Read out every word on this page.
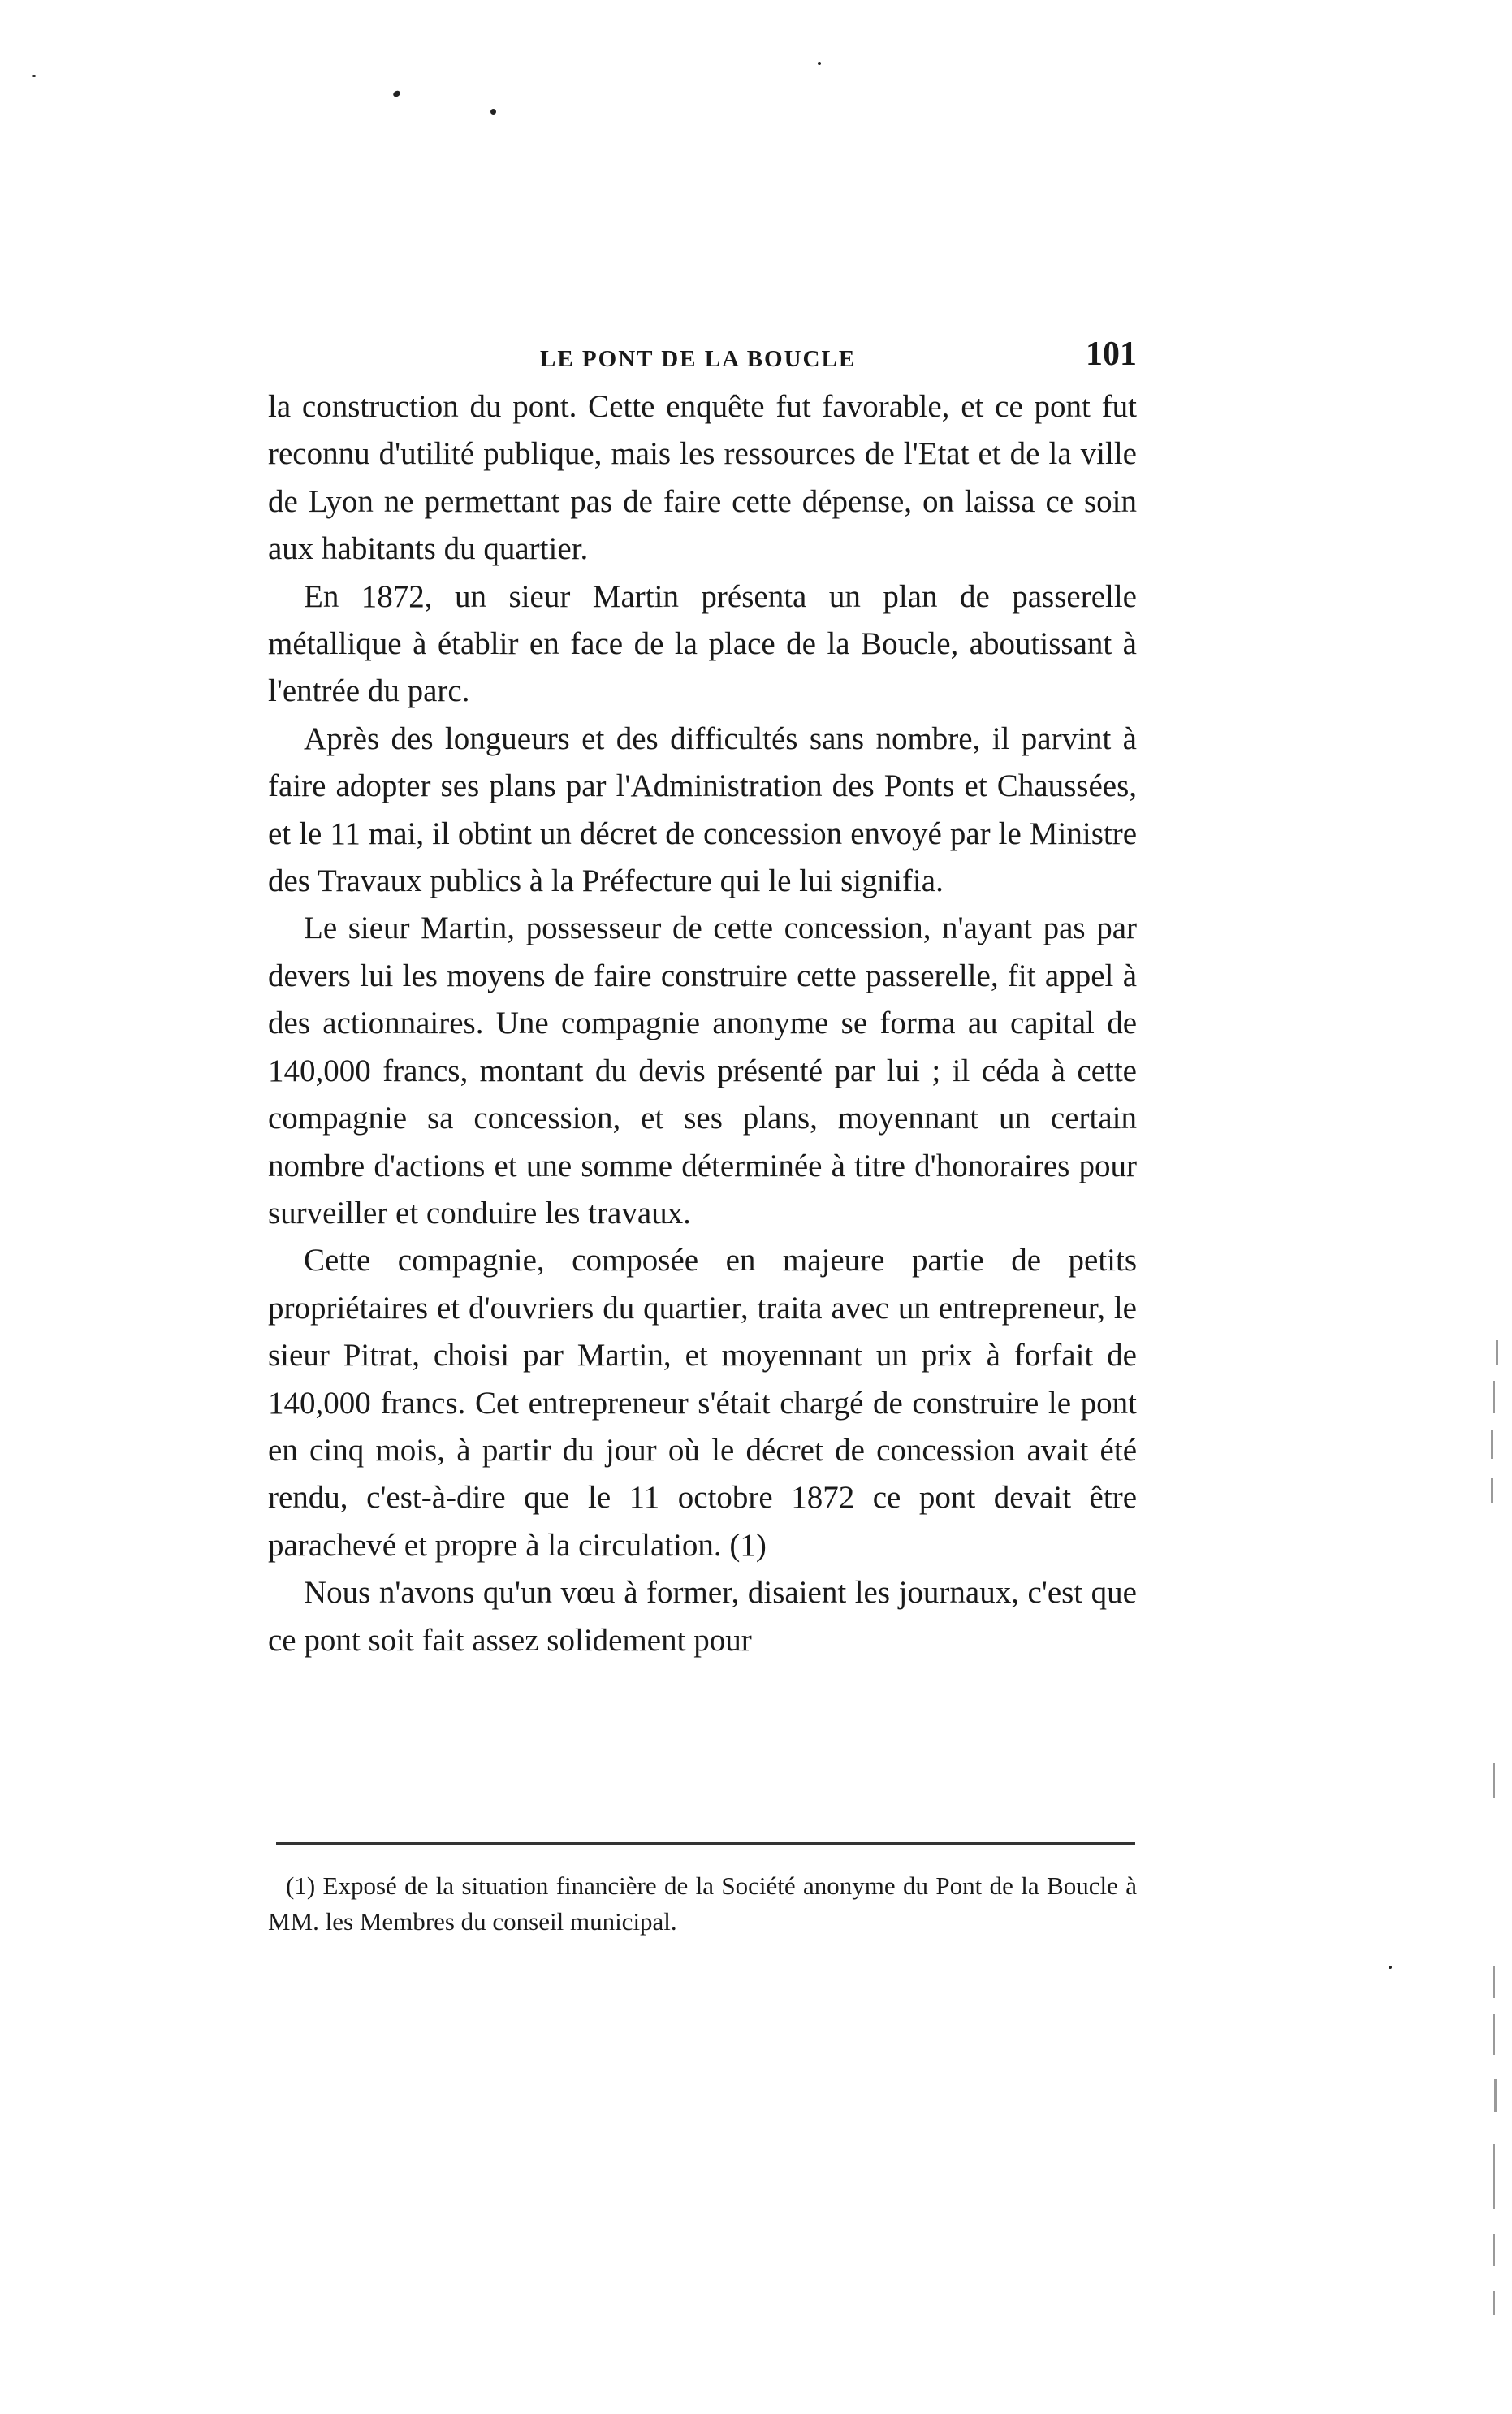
LE PONT DE LA BOUCLE	101

la construction du pont. Cette enquête fut favorable, et ce pont fut reconnu d'utilité publique, mais les ressources de l'Etat et de la ville de Lyon ne permettant pas de faire cette dépense, on laissa ce soin aux habitants du quartier.

En 1872, un sieur Martin présenta un plan de passerelle métallique à établir en face de la place de la Boucle, aboutissant à l'entrée du parc.

Après des longueurs et des difficultés sans nombre, il parvint à faire adopter ses plans par l'Administration des Ponts et Chaussées, et le 11 mai, il obtint un décret de concession envoyé par le Ministre des Travaux publics à la Préfecture qui le lui signifia.

Le sieur Martin, possesseur de cette concession, n'ayant pas par devers lui les moyens de faire construire cette passerelle, fit appel à des actionnaires. Une compagnie anonyme se forma au capital de 140,000 francs, montant du devis présenté par lui ; il céda à cette compagnie sa concession, et ses plans, moyennant un certain nombre d'actions et une somme déterminée à titre d'honoraires pour surveiller et conduire les travaux.

Cette compagnie, composée en majeure partie de petits propriétaires et d'ouvriers du quartier, traita avec un entrepreneur, le sieur Pitrat, choisi par Martin, et moyennant un prix à forfait de 140,000 francs. Cet entrepreneur s'était chargé de construire le pont en cinq mois, à partir du jour où le décret de concession avait été rendu, c'est-à-dire que le 11 octobre 1872 ce pont devait être parachevé et propre à la circulation. (1)

Nous n'avons qu'un vœu à former, disaient les journaux, c'est que ce pont soit fait assez solidement pour

(1) Exposé de la situation financière de la Société anonyme du Pont de la Boucle à MM. les Membres du conseil municipal.
